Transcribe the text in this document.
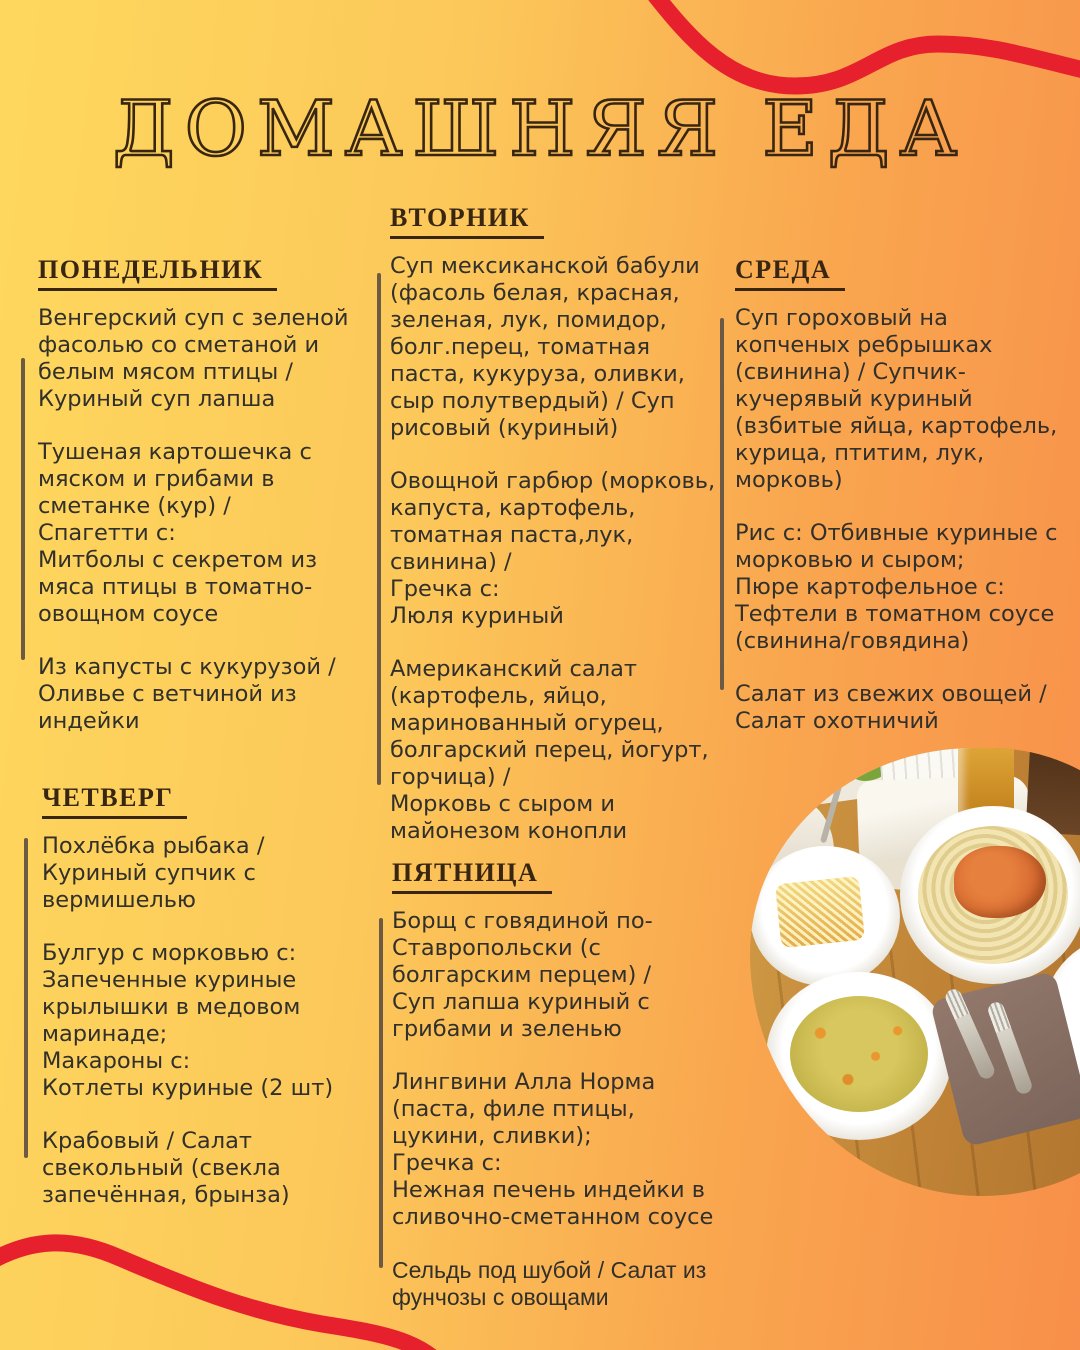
ДОМАШНЯЯ ЕДА
ПОНЕДЕЛЬНИК
Венгерский суп с зеленой фасолью со сметаной и белым мясом птицы / Куриный суп лапша
Тушеная картошечка с мяском и грибами в сметанке (кур) /
Спагетти с:
Митболы с секретом из мяса птицы в томатно-овощном соусе
Из капусты с кукурузой / Оливье с ветчиной из индейки
ВТОРНИК
Суп мексиканской бабули (фасоль белая, красная, зеленая, лук, помидор, болг.перец, томатная паста, кукуруза, оливки, сыр полутвердый) / Суп рисовый (куриный)
Овощной гарбюр (морковь, капуста, картофель, томатная паста,лук, свинина) /
Гречка с:
Люля куриный
Американский салат (картофель, яйцо, маринованный огурец, болгарский перец, йогурт, горчица) /
Морковь с сыром и майонезом конопли
СРЕДА
Суп гороховый на копченых ребрышках (свинина) / Супчик-кучерявый куриный (взбитые яйца, картофель, курица, птитим, лук, морковь)
Рис с: Отбивные куриные с морковью и сыром;
Пюре картофельное с:
Тефтели в томатном соусе (свинина/говядина)
Салат из свежих овощей /
Салат охотничий
ЧЕТВЕРГ
Похлёбка рыбака /
Куриный супчик с вермишелью
Булгур с морковью с:
Запеченные куриные крылышки в медовом маринаде;
Макароны с:
Котлеты куриные (2 шт)
Крабовый / Салат свекольный (свекла запечённая, брынза)
ПЯТНИЦА
Борщ с говядиной по-Ставропольски (с болгарским перцем) /
Суп лапша куриный с грибами и зеленью
Лингвини Алла Норма (паста, филе птицы, цукини, сливки);
Гречка с:
Нежная печень индейки в сливочно-сметанном соусе
Сельдь под шубой / Салат из фунчозы с овощами
